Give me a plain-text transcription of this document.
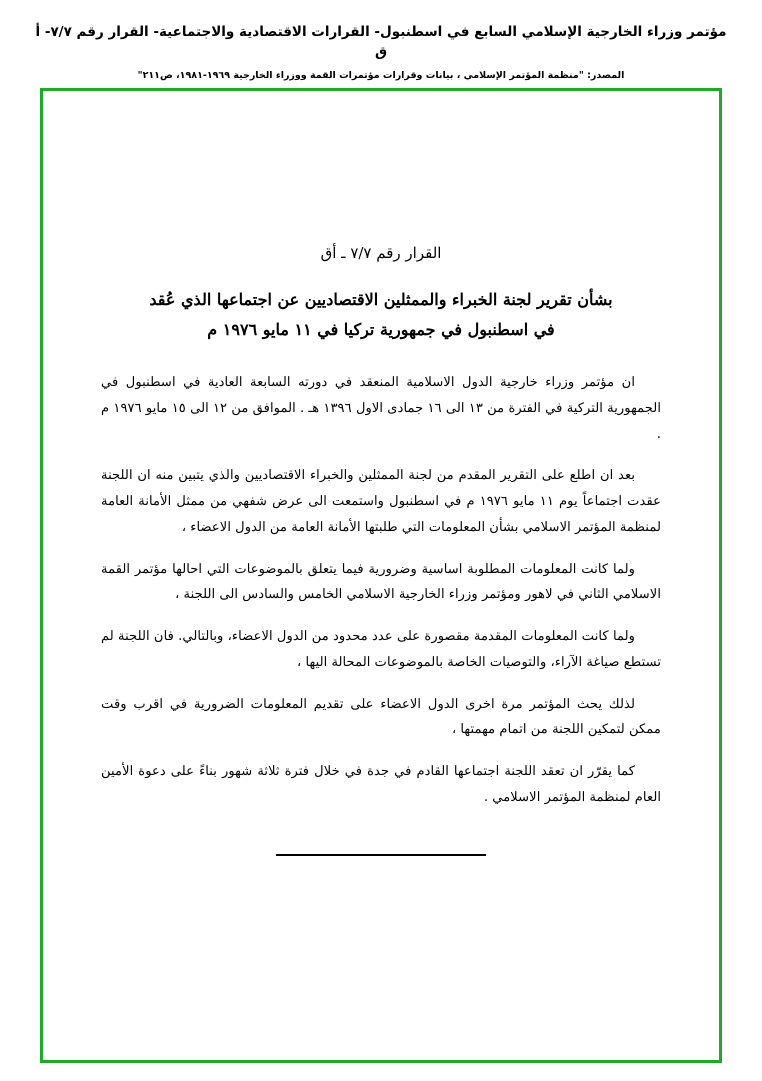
مؤتمر وزراء الخارجية الإسلامي السابع في اسطنبول- القرارات الاقتصادية والاجتماعية- القرار رقم ٧/٧- أ ق
المصدر: "منظمة المؤتمر الإسلامي ، بيانات وقرارات مؤتمرات القمة ووزراء الخارجية ١٩٦٩-١٩٨١، ص٢١١"
القرار رقم ٧/٧ ـ أق
بشأن تقرير لجنة الخبراء والممثلين الاقتصاديين عن اجتماعها الذي عُقد في اسطنبول في جمهورية تركيا في ١١ مايو ١٩٧٦ م

ان مؤتمر وزراء خارجية الدول الاسلامية المنعقد في دورته السابعة العادية في اسطنبول في الجمهورية التركية في الفترة من ١٣ الى ١٦ جمادى الاول ١٣٩٦ هـ . الموافق من ١٢ الى ١٥ مايو ١٩٧٦ م .

بعد ان اطلع على التقرير المقدم من لجنة الممثلين والخبراء الاقتصاديين والذي يتبين منه ان اللجنة عقدت اجتماعاً يوم ١١ مايو ١٩٧٦ م في اسطنبول واستمعت الى عرض شفهي من ممثل الأمانة العامة لمنظمة المؤتمر الاسلامي بشأن المعلومات التي طلبتها الأمانة العامة من الدول الاعضاء ،

ولما كانت المعلومات المطلوبة اساسية وضرورية فيما يتعلق بالموضوعات التي احالها مؤتمر القمة الاسلامي الثاني في لاهور ومؤتمر وزراء الخارجية الاسلامي الخامس والسادس الى اللجنة ،

ولما كانت المعلومات المقدمة مقصورة على عدد محدود من الدول الاعضاء، وبالتالي. فان اللجنة لم تستطع صياغة الآراء، والتوصيات الخاصة بالموضوعات المحالة اليها ،

لذلك يحث المؤتمر مرة اخرى الدول الاعضاء على تقديم المعلومات الضرورية في اقرب وقت ممكن لتمكين اللجنة من اتمام مهمتها ،

كما يقرّر ان تعقد اللجنة اجتماعها القادم في جدة في خلال فترة ثلاثة شهور بناءً على دعوة الأمين العام لمنظمة المؤتمر الاسلامي .
